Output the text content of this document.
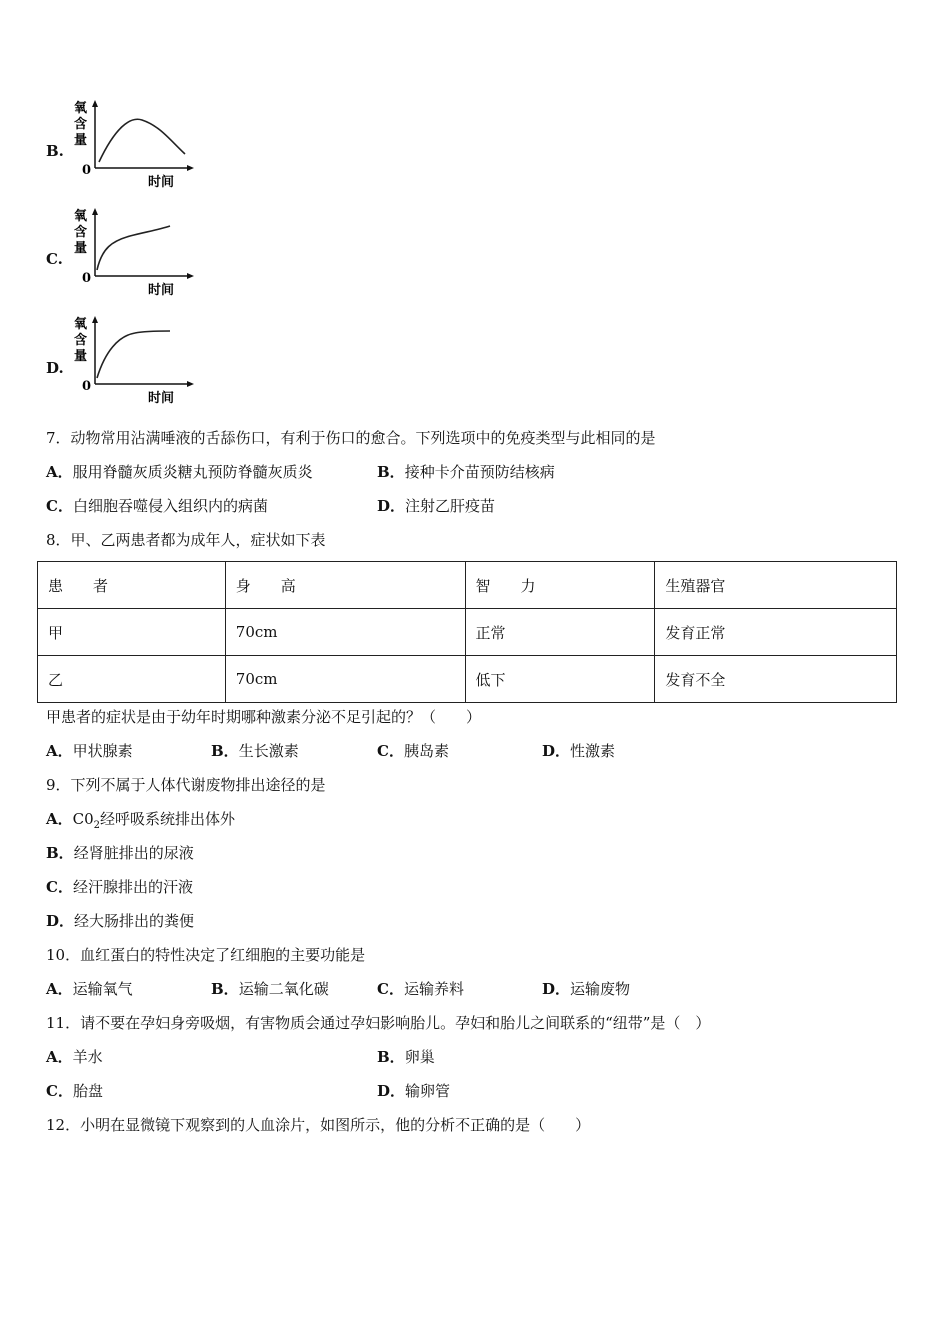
B.
氧
含
量
0
时间
C.
氧
含
量
0
时间
D.
氧
含
量
0
时间
7．动物常用沾满唾液的舌舔伤口，有利于伤口的愈合。下列选项中的免疫类型与此相同的是
A．服用脊髓灰质炎糖丸预防脊髓灰质炎	B．接种卡介苗预防结核病
C．白细胞吞噬侵入组织内的病菌	D．注射乙肝疫苗
8．甲、乙两患者都为成年人，症状如下表
患　　者	身　　高	智　　力	生殖器官
甲	70cm	正常	发育正常
乙	70cm	低下	发育不全
甲患者的症状是由于幼年时期哪种激素分泌不足引起的？（　　）
A．甲状腺素	B．生长激素	C．胰岛素	D．性激素
9．下列不属于人体代谢废物排出途径的是
A．$C0_2$经呼吸系统排出体外
B．经肾脏排出的尿液
C．经汗腺排出的汗液
D．经大肠排出的粪便
10．血红蛋白的特性决定了红细胞的主要功能是
A．运输氧气	B．运输二氧化碳	C．运输养料	D．运输废物
11．请不要在孕妇身旁吸烟，有害物质会通过孕妇影响胎儿。孕妇和胎儿之间联系的“纽带”是（　）
A．羊水	B．卵巢
C．胎盘	D．输卵管
12．小明在显微镜下观察到的人血涂片，如图所示，他的分析不正确的是（　　）
